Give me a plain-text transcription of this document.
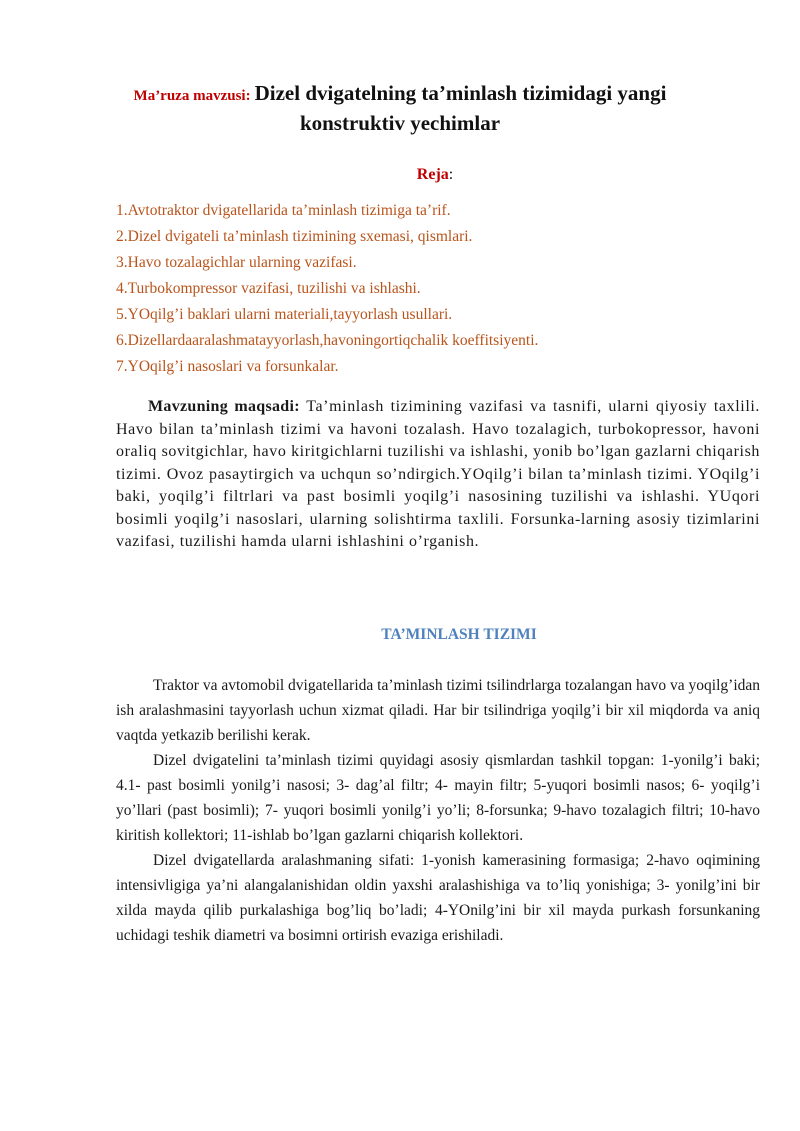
Ma’ruza mavzusi: Dizel dvigatelning ta’minlash tizimidagi yangi konstruktiv yechimlar
Reja:
1.Avtotraktor dvigatellarida ta’minlash tizimiga ta’rif.
2.Dizel dvigateli ta’minlash tizimining sxemasi, qismlari.
3.Havo tozalagichlar ularning vazifasi.
4.Turbokompressor vazifasi, tuzilishi va ishlashi.
5.YOqilg’i baklari ularni materiali,tayyorlash usullari.
6.Dizellardaaralashmatayyorlash,havoningortiqchalik koeffitsiyenti.
7.YOqilg’i nasoslari va forsunkalar.

Mavzuning maqsadi: Ta’minlash tizimining vazifasi va tasnifi, ularni qiyosiy taxlili. Havo bilan ta’minlash tizimi va havoni tozalash. Havo tozalagich, turbokopressor, havoni oraliq sovitgichlar, havo kiritgichlarni tuzilishi va ishlashi, yonib bo’lgan gazlarni chiqarish tizimi. Ovoz pasaytirgich va uchqun so’ndirgich.YOqilg’i bilan ta’minlash tizimi. YOqilg’i baki, yoqilg’i filtrlari va past bosimli yoqilg’i nasosining tuzilishi va ishlashi. YUqori bosimli yoqilg’i nasoslari, ularning solishtirma taxlili. Forsunka-larning asosiy tizimlarini vazifasi, tuzilishi hamda ularni ishlashini o’rganish.

TA’MINLASH TIZIMI

Traktor va avtomobil dvigatellarida ta’minlash tizimi tsilindrlarga tozalangan havo va yoqilg’idan ish aralashmasini tayyorlash uchun xizmat qiladi. Har bir tsilindriga yoqilg’i bir xil miqdorda va aniq vaqtda yetkazib berilishi kerak.

Dizel dvigatelini ta’minlash tizimi quyidagi asosiy qismlardan tashkil topgan: 1-yonilg’i baki; 4.1- past bosimli yonilg’i nasosi; 3- dag’al filtr; 4- mayin filtr; 5-yuqori bosimli nasos; 6- yoqilg’i yo’llari (past bosimli); 7- yuqori bosimli yonilg’i yo’li; 8-forsunka; 9-havo tozalagich filtri; 10-havo kiritish kollektori; 11-ishlab bo’lgan gazlarni chiqarish kollektori.

Dizel dvigatellarda aralashmaning sifati: 1-yonish kamerasining formasiga; 2-havo oqimining intensivligiga ya’ni alangalanishidan oldin yaxshi aralashishiga va to’liq yonishiga; 3- yonilg’ini bir xilda mayda qilib purkalashiga bog’liq bo’ladi; 4-YOnilg’ini bir xil mayda purkash forsunkaning uchidagi teshik diametri va bosimni ortirish evaziga erishiladi.
